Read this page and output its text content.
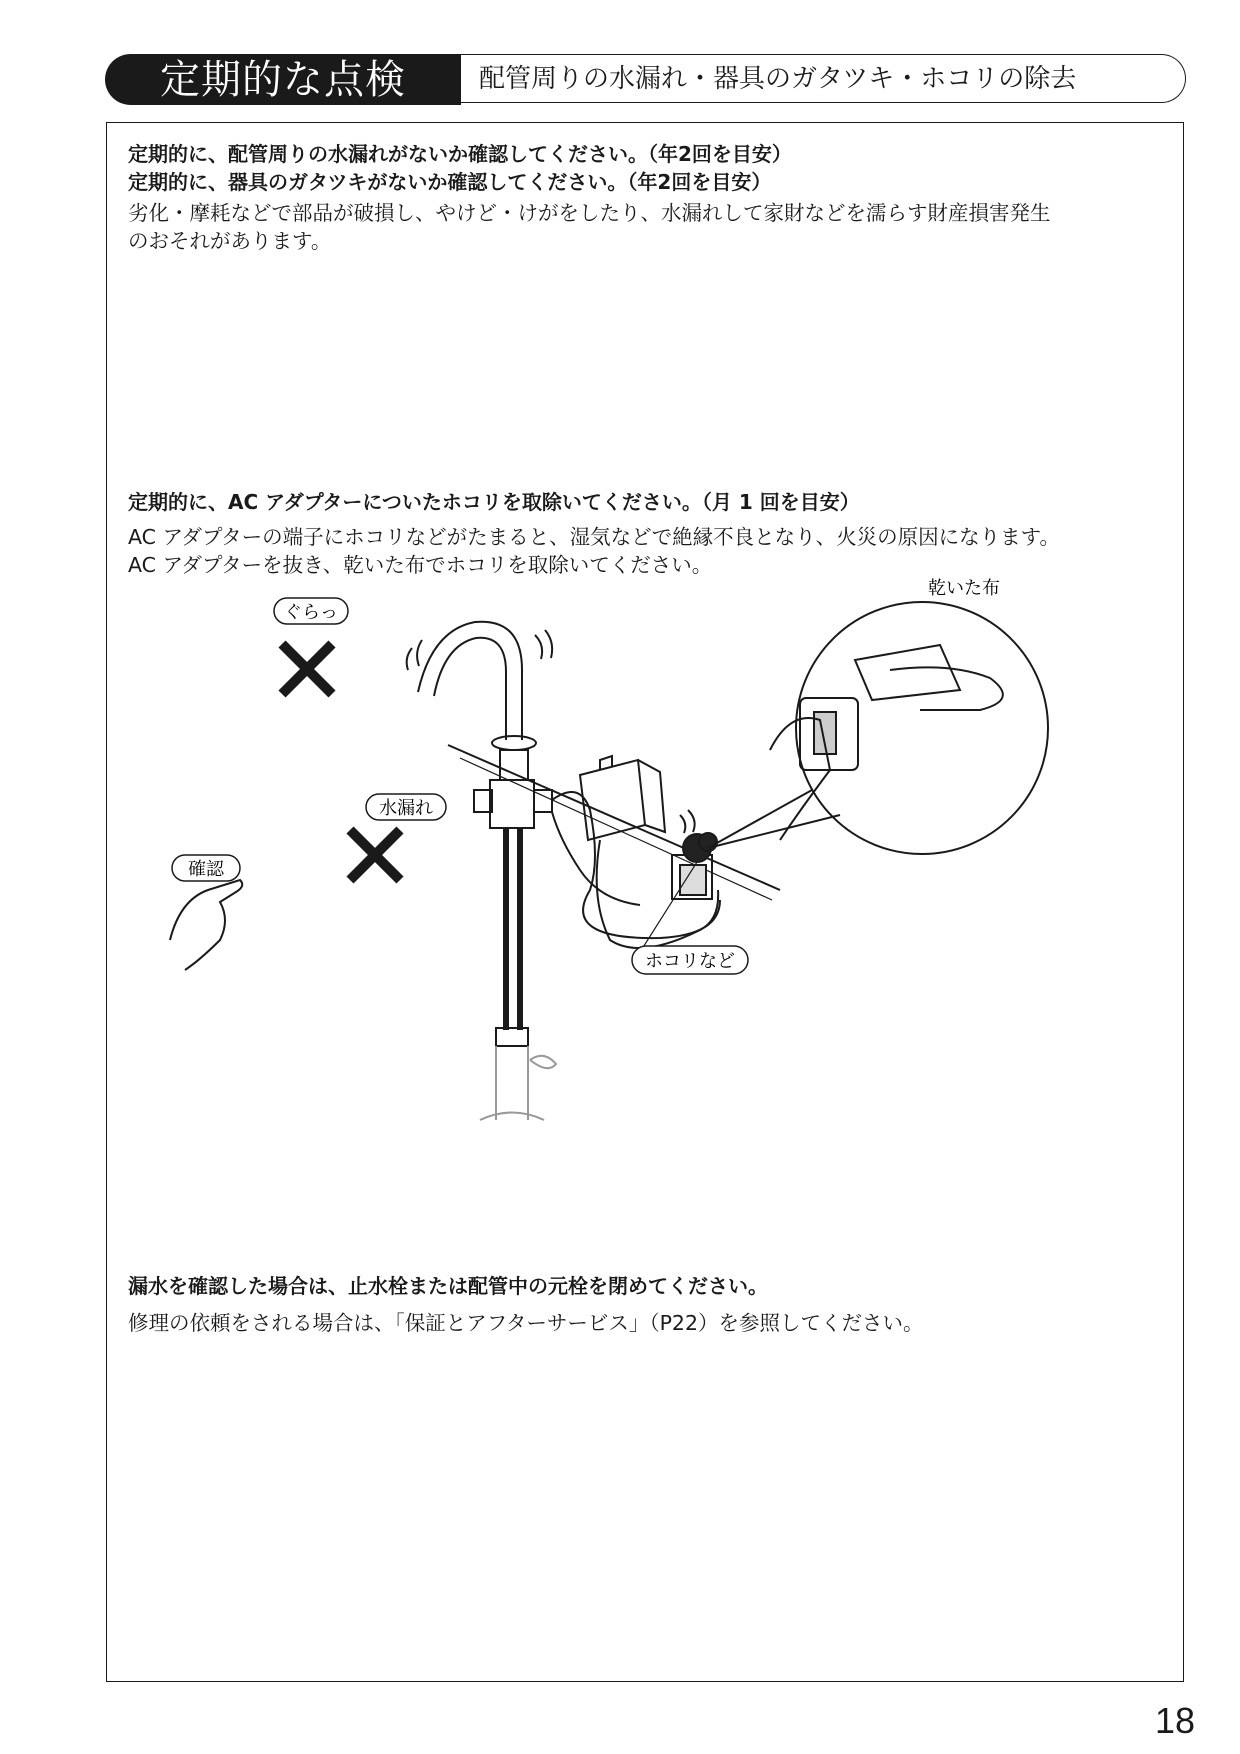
定期的な点検	配管周りの水漏れ・器具のガタツキ・ホコリの除去

定期的に、配管周りの水漏れがないか確認してください。（年2回を目安）

定期的に、器具のガタツキがないか確認してください。（年2回を目安）

劣化・摩耗などで部品が破損し、やけど・けがをしたり、水漏れして家財などを濡らす財産損害発生

のおそれがあります。

定期的に、AC アダプターについたホコリを取除いてください。（月 1 回を目安）

AC アダプターの端子にホコリなどがたまると、湿気などで絶縁不良となり、火災の原因になります。

AC アダプターを抜き、乾いた布でホコリを取除いてください。

ぐらっ
水漏れ
確認
ホコリなど
乾いた布

漏水を確認した場合は、止水栓または配管中の元栓を閉めてください。

修理の依頼をされる場合は、「保証とアフターサービス」（P22）を参照してください。

18
